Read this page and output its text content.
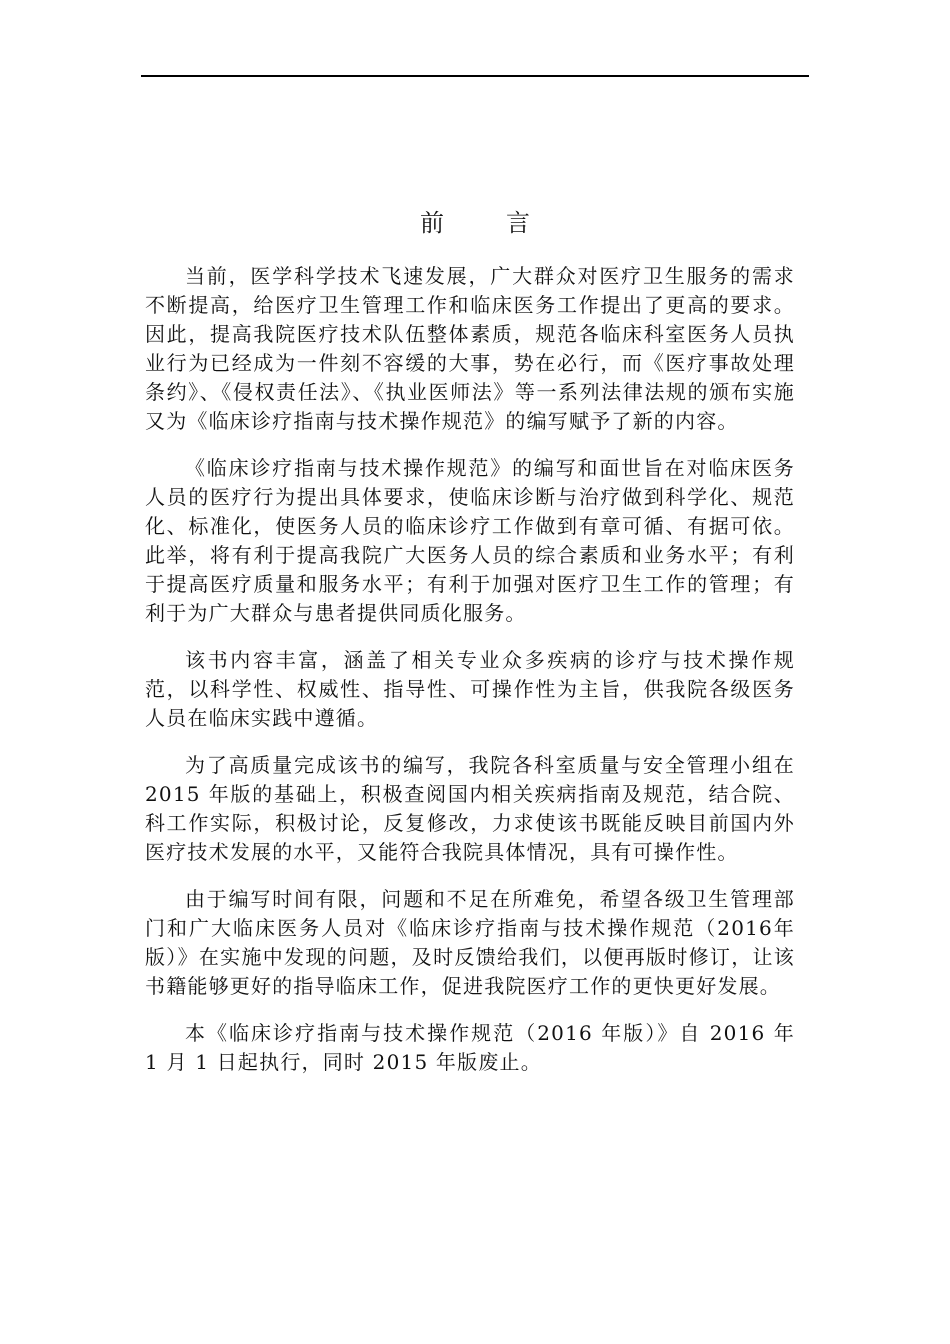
前言

当前，医学科学技术飞速发展，广大群众对医疗卫生服务的需求不断提高，给医疗卫生管理工作和临床医务工作提出了更高的要求。因此，提高我院医疗技术队伍整体素质，规范各临床科室医务人员执业行为已经成为一件刻不容缓的大事，势在必行，而《医疗事故处理条约》、《侵权责任法》、《执业医师法》等一系列法律法规的颁布实施又为《临床诊疗指南与技术操作规范》的编写赋予了新的内容。

《临床诊疗指南与技术操作规范》的编写和面世旨在对临床医务人员的医疗行为提出具体要求，使临床诊断与治疗做到科学化、规范化、标准化，使医务人员的临床诊疗工作做到有章可循、有据可依。此举，将有利于提高我院广大医务人员的综合素质和业务水平；有利于提高医疗质量和服务水平；有利于加强对医疗卫生工作的管理；有利于为广大群众与患者提供同质化服务。

该书内容丰富，涵盖了相关专业众多疾病的诊疗与技术操作规范，以科学性、权威性、指导性、可操作性为主旨，供我院各级医务人员在临床实践中遵循。

为了高质量完成该书的编写，我院各科室质量与安全管理小组在 2015 年版的基础上，积极查阅国内相关疾病指南及规范，结合院、科工作实际，积极讨论，反复修改，力求使该书既能反映目前国内外医疗技术发展的水平，又能符合我院具体情况，具有可操作性。

由于编写时间有限，问题和不足在所难免，希望各级卫生管理部门和广大临床医务人员对《临床诊疗指南与技术操作规范（2016年版）》在实施中发现的问题，及时反馈给我们，以便再版时修订，让该书籍能够更好的指导临床工作，促进我院医疗工作的更快更好发展。

本《临床诊疗指南与技术操作规范（2016 年版）》自 2016 年 1 月 1 日起执行，同时 2015 年版废止。
